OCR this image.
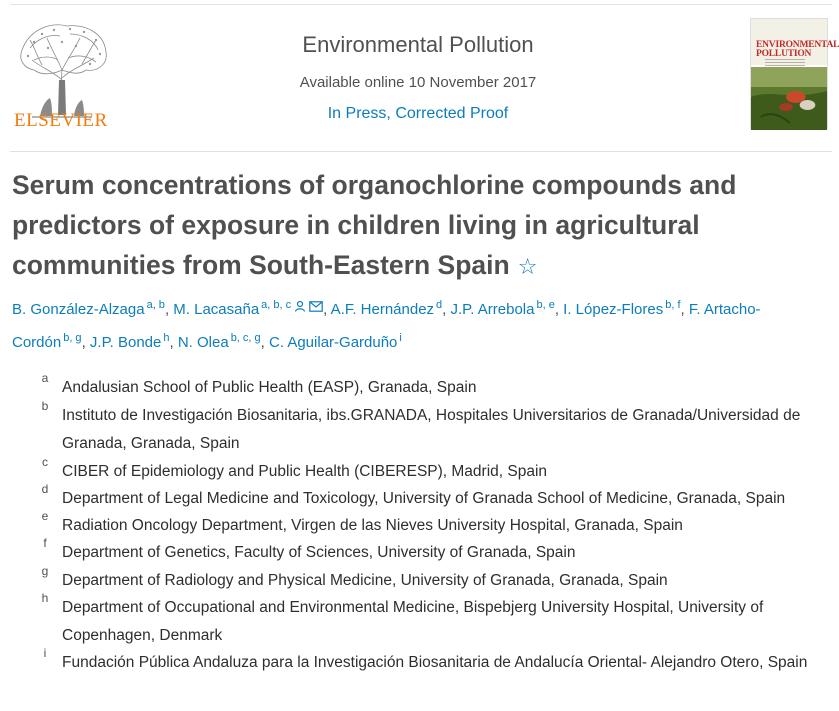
ELSEVIER
Environmental Pollution
Available online 10 November 2017
In Press, Corrected Proof
ENVIRONMENTAL
POLLUTION
Serum concentrations of organochlorine compounds and predictors of exposure in children living in agricultural communities from South-Eastern Spain ☆
B. González-Alzaga $^{a, b}$, M. Lacasaña $^{a, b, c}$ , A.F. Hernández $^d$, J.P. Arrebola $^{b, e}$, I. López-Flores $^{b, f}$, F. Artacho-Cordón $^{b, g}$, J.P. Bonde $^h$, N. Olea $^{b, c, g}$, C. Aguilar-Garduño $^i$
a
Andalusian School of Public Health (EASP), Granada, Spain
b
Instituto de Investigación Biosanitaria, ibs.GRANADA, Hospitales Universitarios de Granada/Universidad de Granada, Granada, Spain
c
CIBER of Epidemiology and Public Health (CIBERESP), Madrid, Spain
d
Department of Legal Medicine and Toxicology, University of Granada School of Medicine, Granada, Spain
e
Radiation Oncology Department, Virgen de las Nieves University Hospital, Granada, Spain
f
Department of Genetics, Faculty of Sciences, University of Granada, Spain
g
Department of Radiology and Physical Medicine, University of Granada, Granada, Spain
h
Department of Occupational and Environmental Medicine, Bispebjerg University Hospital, University of Copenhagen, Denmark
i
Fundación Pública Andaluza para la Investigación Biosanitaria de Andalucía Oriental- Alejandro Otero, Spain
